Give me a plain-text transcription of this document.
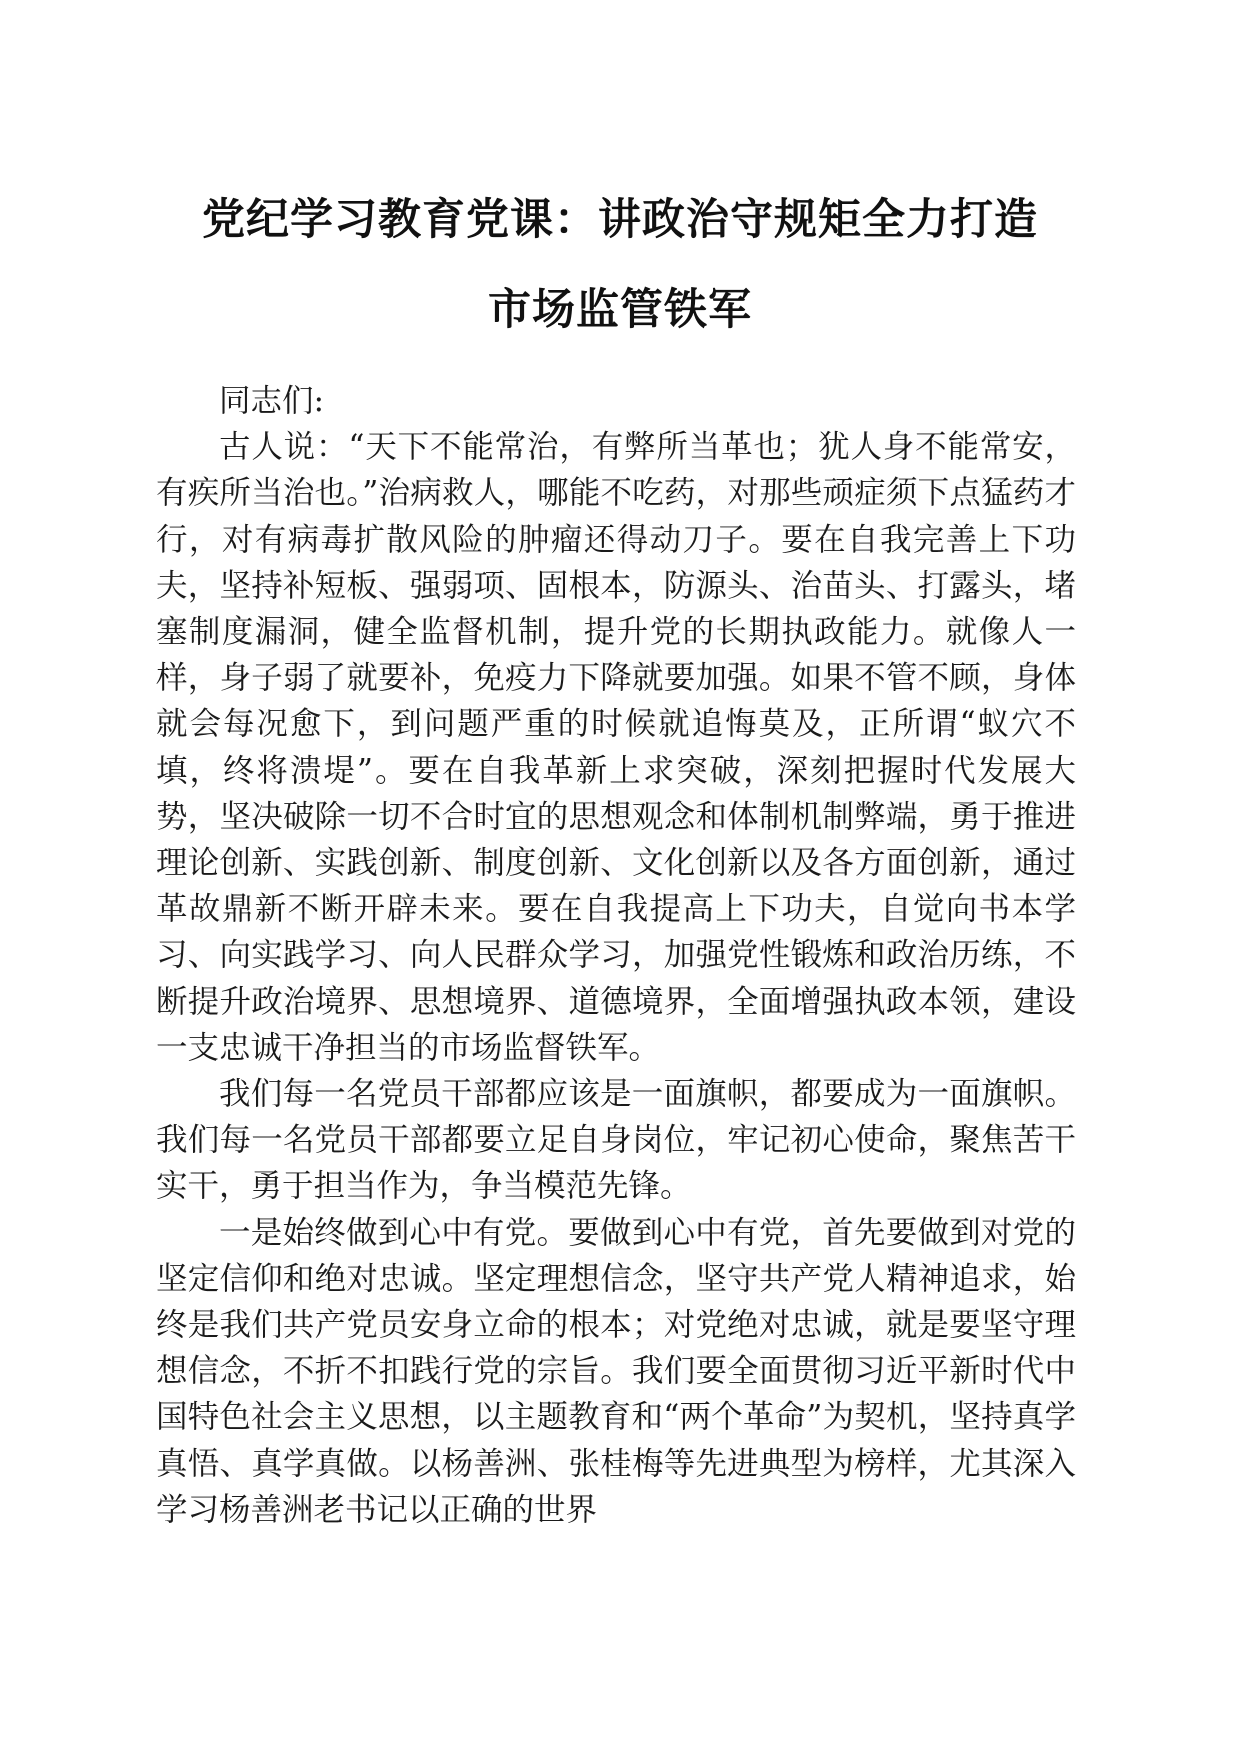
党纪学习教育党课：讲政治守规矩全力打造
市场监管铁军

同志们:

古人说：“天下不能常治，有弊所当革也；犹人身不能常安，有疾所当治也。”治病救人，哪能不吃药，对那些顽症须下点猛药才行，对有病毒扩散风险的肿瘤还得动刀子。要在自我完善上下功夫，坚持补短板、强弱项、固根本，防源头、治苗头、打露头，堵塞制度漏洞，健全监督机制，提升党的长期执政能力。就像人一样，身子弱了就要补，免疫力下降就要加强。如果不管不顾，身体就会每况愈下，到问题严重的时候就追悔莫及，正所谓“蚁穴不填，终将溃堤”。要在自我革新上求突破，深刻把握时代发展大势，坚决破除一切不合时宜的思想观念和体制机制弊端，勇于推进理论创新、实践创新、制度创新、文化创新以及各方面创新，通过革故鼎新不断开辟未来。要在自我提高上下功夫，自觉向书本学习、向实践学习、向人民群众学习，加强党性锻炼和政治历练，不断提升政治境界、思想境界、道德境界，全面增强执政本领，建设一支忠诚干净担当的市场监督铁军。

我们每一名党员干部都应该是一面旗帜，都要成为一面旗帜。我们每一名党员干部都要立足自身岗位，牢记初心使命，聚焦苦干实干，勇于担当作为，争当模范先锋。

一是始终做到心中有党。要做到心中有党，首先要做到对党的坚定信仰和绝对忠诚。坚定理想信念，坚守共产党人精神追求，始终是我们共产党员安身立命的根本；对党绝对忠诚，就是要坚守理想信念，不折不扣践行党的宗旨。我们要全面贯彻习近平新时代中国特色社会主义思想，以主题教育和“两个革命”为契机，坚持真学真悟、真学真做。以杨善洲、张桂梅等先进典型为榜样，尤其深入学习杨善洲老书记以正确的世界
